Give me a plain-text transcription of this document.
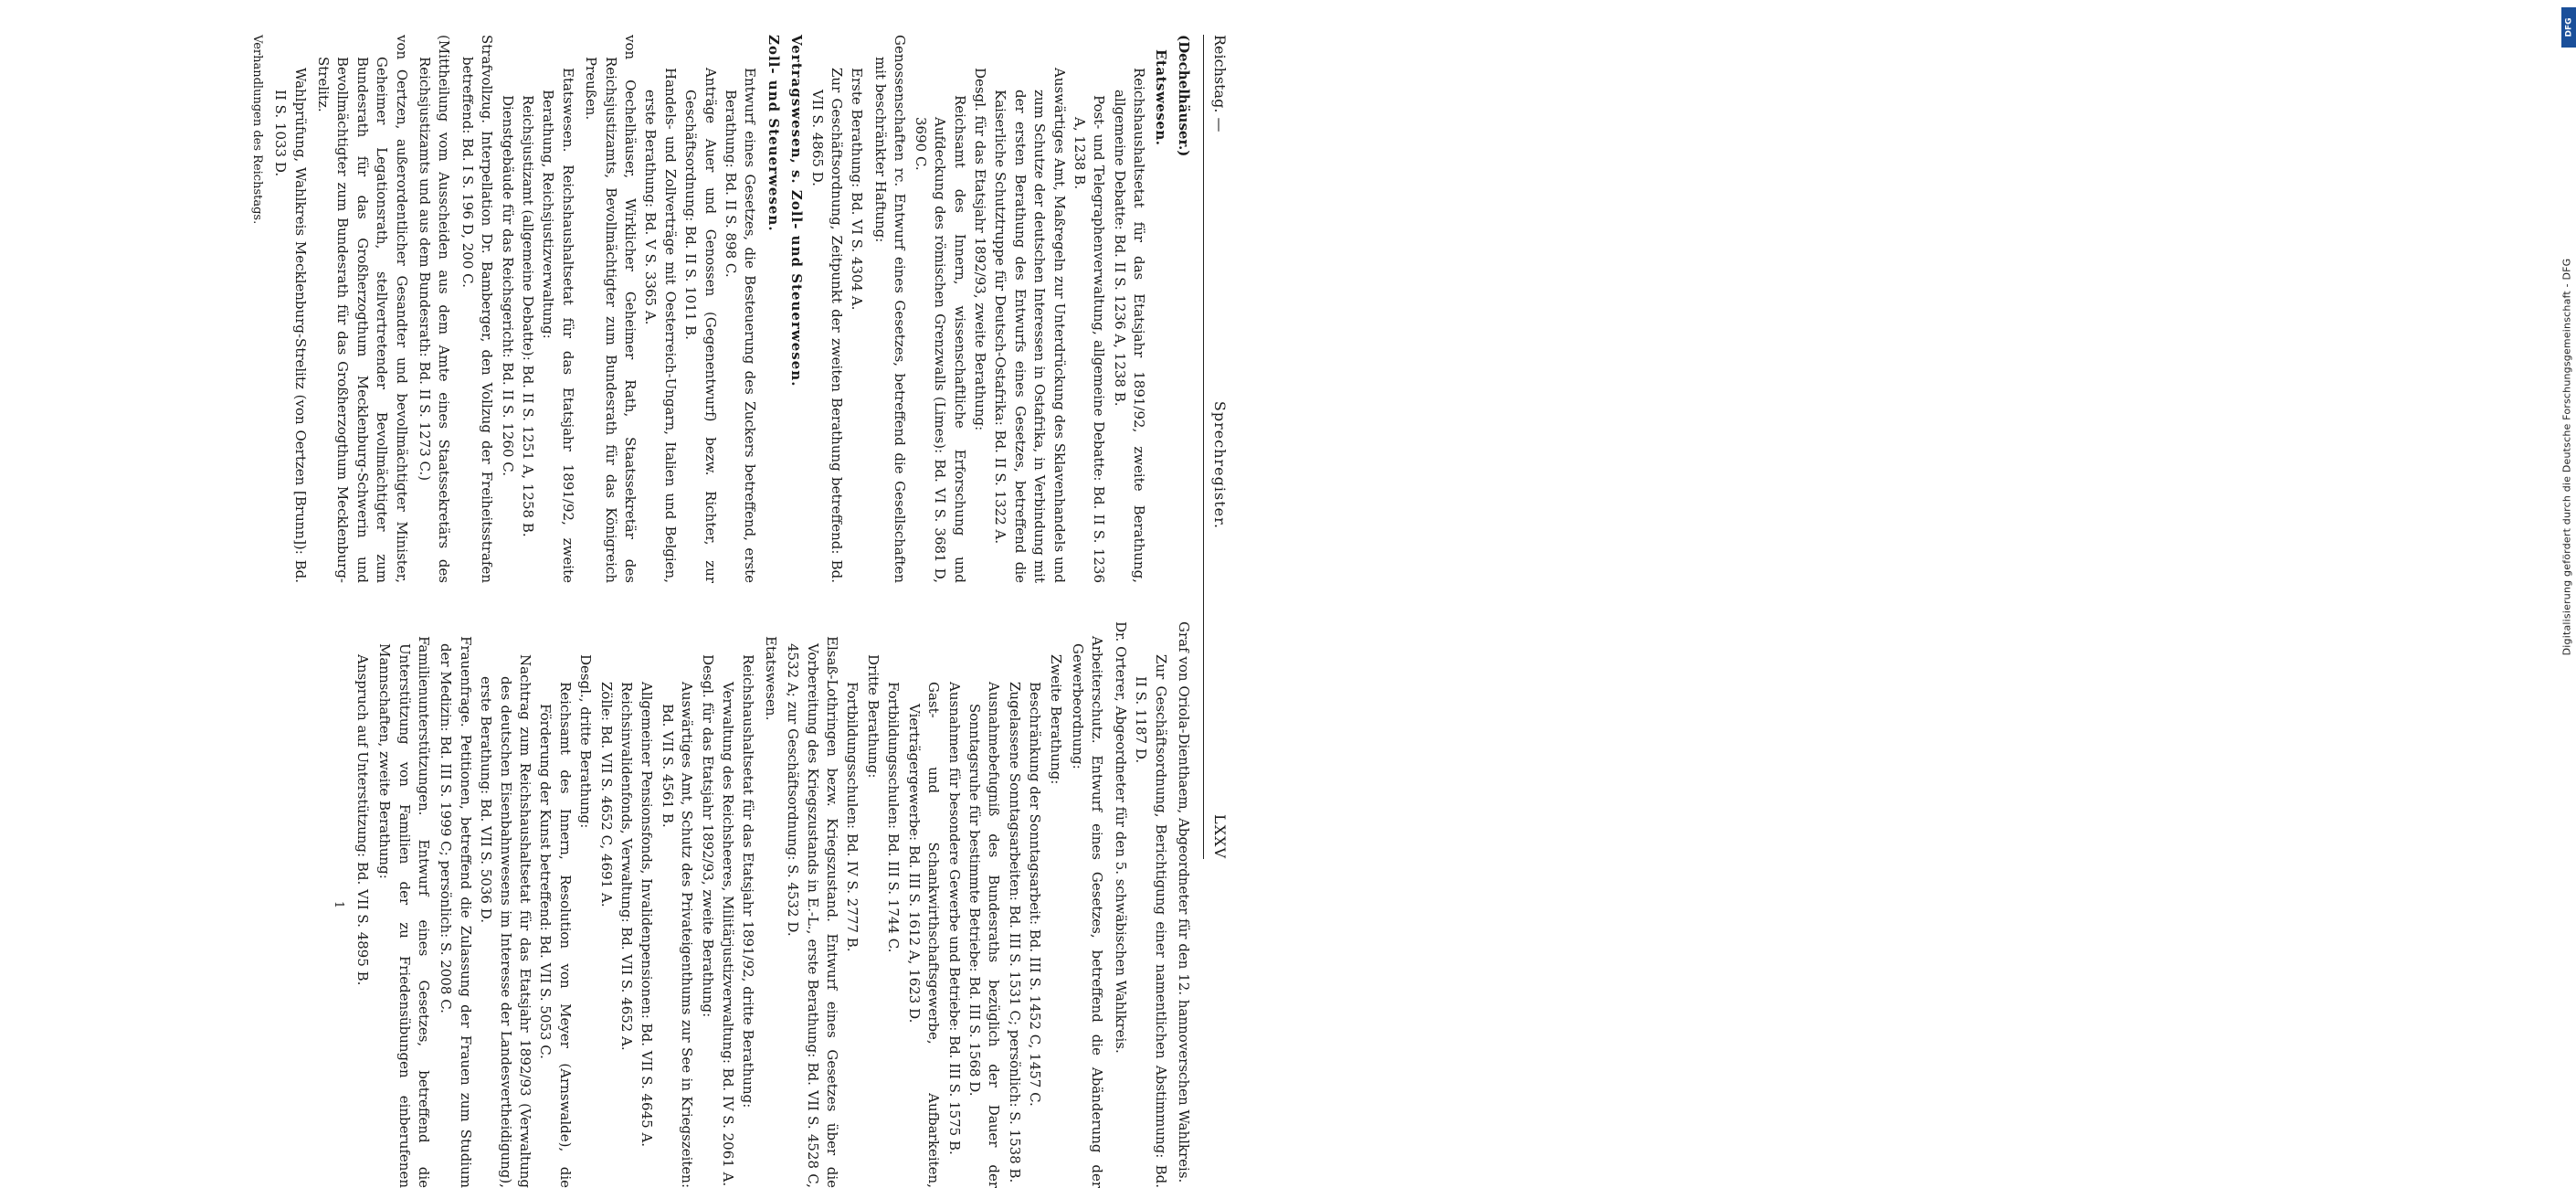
DFG
Digitalisierung gefördert durch die Deutsche Forschungsgemeinschaft - DFG
Reichstag. —
Sprechregister.
LXXV
(Dechelhäuser.)
Etatswesen.
Reichshaushaltsetat für das Etatsjahr 1891/92, zweite Berathung, allgemeine Debatte: Bd. II S. 1236 A, 1238 B.
Post- und Telegraphenverwaltung, allgemeine Debatte: Bd. II S. 1236 A, 1238 B.
Auswärtiges Amt, Maßregeln zur Unterdrückung des Sklavenhandels und zum Schutze der deutschen Interessen in Ostafrika, in Verbindung mit der ersten Berathung des Entwurfs eines Gesetzes, betreffend die Kaiserliche Schutztruppe für Deutsch-Ostafrika: Bd. II S. 1322 A.
Desgl. für das Etatsjahr 1892/93, zweite Berathung:
Reichsamt des Innern, wissenschaftliche Erforschung und Aufdeckung des römischen Grenzwalls (Limes): Bd. VI S. 3681 D, 3690 C.
Genossenschaften rc. Entwurf eines Gesetzes, betreffend die Gesellschaften mit beschränkter Haftung:
Erste Berathung: Bd. VI S. 4304 A.
Zur Geschäftsordnung, Zeitpunkt der zweiten Berathung betreffend: Bd. VII S. 4865 D.
Vertragswesen, s. Zoll- und Steuerwesen.
Zoll- und Steuerwesen.
Entwurf eines Gesetzes, die Besteuerung des Zuckers betreffend, erste Berathung: Bd. II S. 898 C.
Anträge Auer und Genossen (Gegenentwurf) bezw. Richter, zur Geschäftsordnung: Bd. II S. 1011 B.
Handels- und Zollverträge mit Oesterreich-Ungarn, Italien und Belgien, erste Berathung: Bd. V S. 3365 A.
von Oechelhäuser, Wirklicher Geheimer Rath, Staatssekretär des Reichsjustizamts, Bevollmächtigter zum Bundesrath für das Königreich Preußen.
Etatswesen. Reichshaushaltsetat für das Etatsjahr 1891/92, zweite Berathung, Reichsjustizverwaltung:
Reichsjustizamt (allgemeine Debatte): Bd. II S. 1251 A, 1258 B.
Dienstgebäude für das Reichsgericht: Bd. II S. 1260 C.
Strafvollzug. Interpellation Dr. Bamberger, den Vollzug der Freiheitsstrafen betreffend: Bd. I S. 196 D, 200 C.
(Mittheilung vom Ausscheiden aus dem Amte eines Staatssekretärs des Reichsjustizamts und aus dem Bundesrath: Bd. II S. 1273 C.)
von Oertzen, außerordentlicher Gesandter und bevollmächtigter Minister, Geheimer Legationsrath, stellvertretender Bevollmächtigter zum Bundesrath für das Großherzogthum Mecklenburg-Schwerin und Bevollmächtigter zum Bundesrath für das Großherzogthum Mecklenburg-Strelitz.
Wahlprüfung, Wahlkreis Mecklenburg-Strelitz (von Oertzen [Brunn]): Bd. II S. 1033 D.
Verhandlungen des Reichstags.
Graf von Oriola-Dienthaem, Abgeordneter für den 12. hannoverschen Wahlkreis.
Zur Geschäftsordnung, Berichtigung einer namentlichen Abstimmung: Bd. II S. 1187 D.
Dr. Orterer, Abgeordneter für den 5. schwäbischen Wahlkreis.
Arbeiterschutz. Entwurf eines Gesetzes, betreffend die Abänderung der Gewerbeordnung:
Zweite Berathung:
Beschränkung der Sonntagsarbeit: Bd. III S. 1452 C, 1457 C.
Zugelassene Sonntagsarbeiten: Bd. III S. 1531 C; persönlich: S. 1538 B.
Ausnahmebefugniß des Bundesraths bezüglich der Dauer der Sonntagsruhe für bestimmte Betriebe: Bd. III S. 1568 D.
Ausnahmen für besondere Gewerbe und Betriebe: Bd. III S. 1575 B.
Gast- und Schankwirthschaftsgewerbe, Aufbarkeiten, Vierträgergewerbe: Bd. III S. 1612 A, 1623 D.
Fortbildungsschulen: Bd. III S. 1744 C.
Dritte Berathung:
Fortbildungsschulen: Bd. IV S. 2777 B.
Elsaß-Lothringen bezw. Kriegszustand. Entwurf eines Gesetzes über die Vorbereitung des Kriegszustands in E.-L., erste Berathung: Bd. VII S. 4528 C, 4532 A; zur Geschäftsordnung: S. 4532 D.
Etatswesen.
Reichshaushaltsetat für das Etatsjahr 1891/92, dritte Berathung:
Verwaltung des Reichsheeres, Militärjustizverwaltung: Bd. IV S. 2061 A.
Desgl. für das Etatsjahr 1892/93, zweite Berathung:
Auswärtiges Amt, Schutz des Privateigenthums zur See in Kriegszeiten: Bd. VII S. 4561 B.
Allgemeiner Pensionsfonds, Invalidenpensionen: Bd. VII S. 4645 A.
Reichsinvalidenfonds, Verwaltung: Bd. VII S. 4652 A.
Zölle: Bd. VII S. 4652 C, 4691 A.
Desgl., dritte Berathung:
Reichsamt des Innern, Resolution von Meyer (Arnswalde), die Förderung der Kunst betreffend: Bd. VII S. 5053 C.
Nachtrag zum Reichshaushaltsetat für das Etatsjahr 1892/93 (Verwaltung des deutschen Eisenbahnwesens im Interesse der Landesvertheidigung), erste Berathung: Bd. VII S. 5036 D.
Frauenfrage. Petitionen, betreffend die Zulassung der Frauen zum Studium der Medizin: Bd. III S. 1999 C; persönlich: S. 2008 C.
Familienunterstützungen. Entwurf eines Gesetzes, betreffend die Unterstützung von Familien der zu Friedensübungen einberufenen Mannschaften, zweite Berathung:
Anspruch auf Unterstützung: Bd. VII S. 4895 B.
1
